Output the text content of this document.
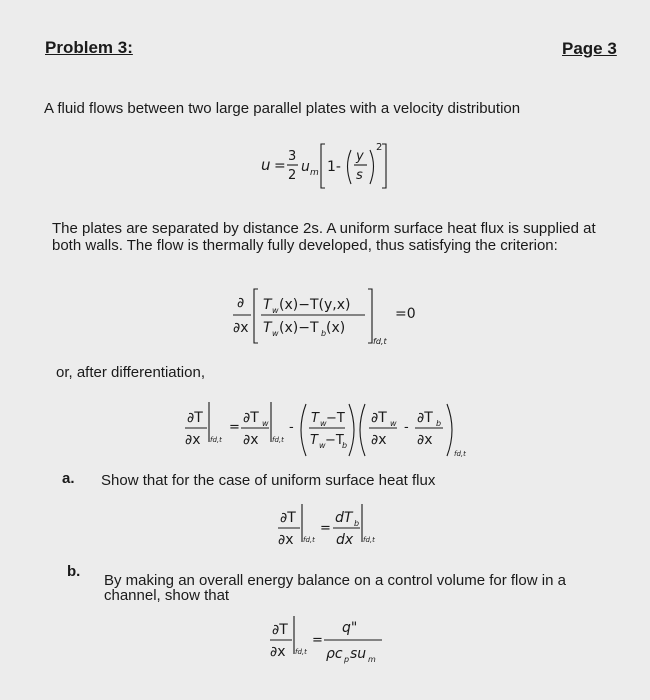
Problem 3:	Page 3
A fluid flows between two large parallel plates with a velocity distribution
u =
3
2
u m 1-
y
s
2
The plates are separated by distance 2s. A uniform surface heat flux is supplied at both walls. The flow is thermally fully developed, thus satisfying the criterion:
∂
∂x
T w (x)−T(y,x)
T w (x)−T b (x)
fd,t
=0
or, after differentiation,
∂T
∂x fd,t
=
∂T w
∂x fd,t
-
T w −T
T w −T
b
∂T w
∂x
-
∂T b
∂x
fd,t
a. Show that for the case of uniform surface heat flux
∂T
∂x fd,t
=
dT b
dx fd,t
b.
By making an overall energy balance on a control volume for flow in a channel, show that
∂T
∂x fd,t
=
q"
ρc p su m
